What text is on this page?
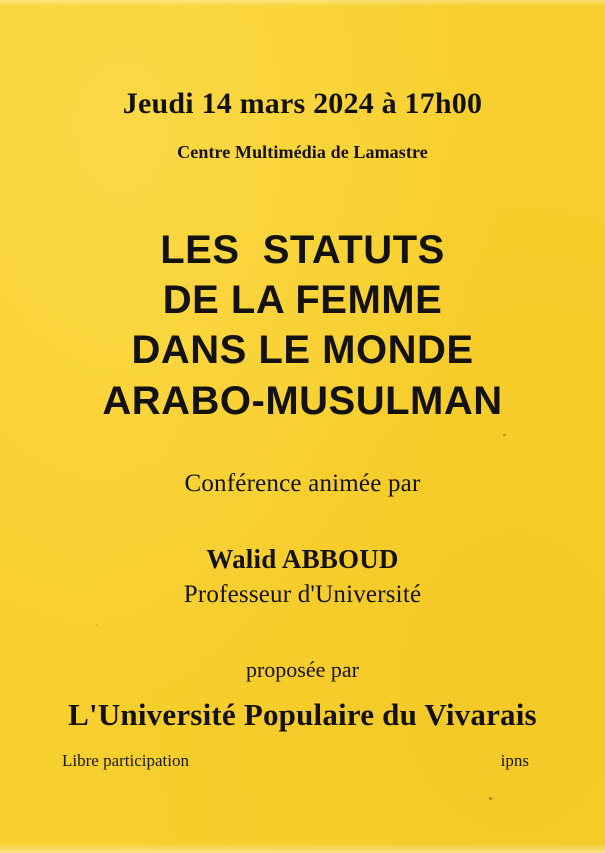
Jeudi 14 mars 2024 à 17h00
Centre Multimédia de Lamastre
LES  STATUTS
DE LA FEMME
DANS LE MONDE
ARABO-MUSULMAN
Conférence animée par
Walid ABBOUD
Professeur d'Université
proposée par
L'Université Populaire du Vivarais
Libre participation	ipns
